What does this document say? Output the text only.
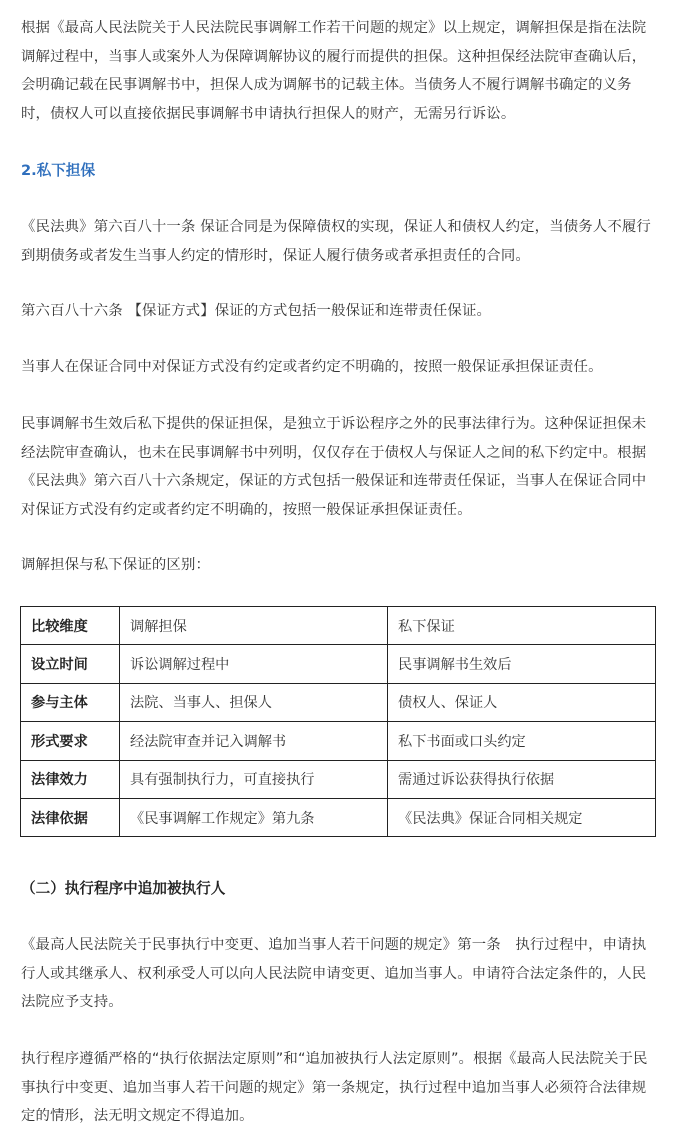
根据《最高人民法院关于人民法院民事调解工作若干问题的规定》以上规定，调解担保是指在法院调解过程中，当事人或案外人为保障调解协议的履行而提供的担保。这种担保经法院审查确认后，会明确记载在民事调解书中，担保人成为调解书的记载主体。当债务人不履行调解书确定的义务时，债权人可以直接依据民事调解书申请执行担保人的财产，无需另行诉讼。

2.私下担保

《民法典》第六百八十一条 保证合同是为保障债权的实现，保证人和债权人约定，当债务人不履行到期债务或者发生当事人约定的情形时，保证人履行债务或者承担责任的合同。

第六百八十六条 【保证方式】保证的方式包括一般保证和连带责任保证。

当事人在保证合同中对保证方式没有约定或者约定不明确的，按照一般保证承担保证责任。

民事调解书生效后私下提供的保证担保，是独立于诉讼程序之外的民事法律行为。这种保证担保未经法院审查确认，也未在民事调解书中列明，仅仅存在于债权人与保证人之间的私下约定中。根据《民法典》第六百八十六条规定，保证的方式包括一般保证和连带责任保证，当事人在保证合同中对保证方式没有约定或者约定不明确的，按照一般保证承担保证责任。

调解担保与私下保证的区别：

比较维度	调解担保	私下保证
设立时间	诉讼调解过程中	民事调解书生效后
参与主体	法院、当事人、担保人	债权人、保证人
形式要求	经法院审查并记入调解书	私下书面或口头约定
法律效力	具有强制执行力，可直接执行	需通过诉讼获得执行依据
法律依据	《民事调解工作规定》第九条	《民法典》保证合同相关规定

（二）执行程序中追加被执行人

《最高人民法院关于民事执行中变更、追加当事人若干问题的规定》第一条　执行过程中，申请执行人或其继承人、权利承受人可以向人民法院申请变更、追加当事人。申请符合法定条件的，人民法院应予支持。

执行程序遵循严格的“执行依据法定原则”和“追加被执行人法定原则”。根据《最高人民法院关于民事执行中变更、追加当事人若干问题的规定》第一条规定，执行过程中追加当事人必须符合法律规定的情形，法无明文规定不得追加。
